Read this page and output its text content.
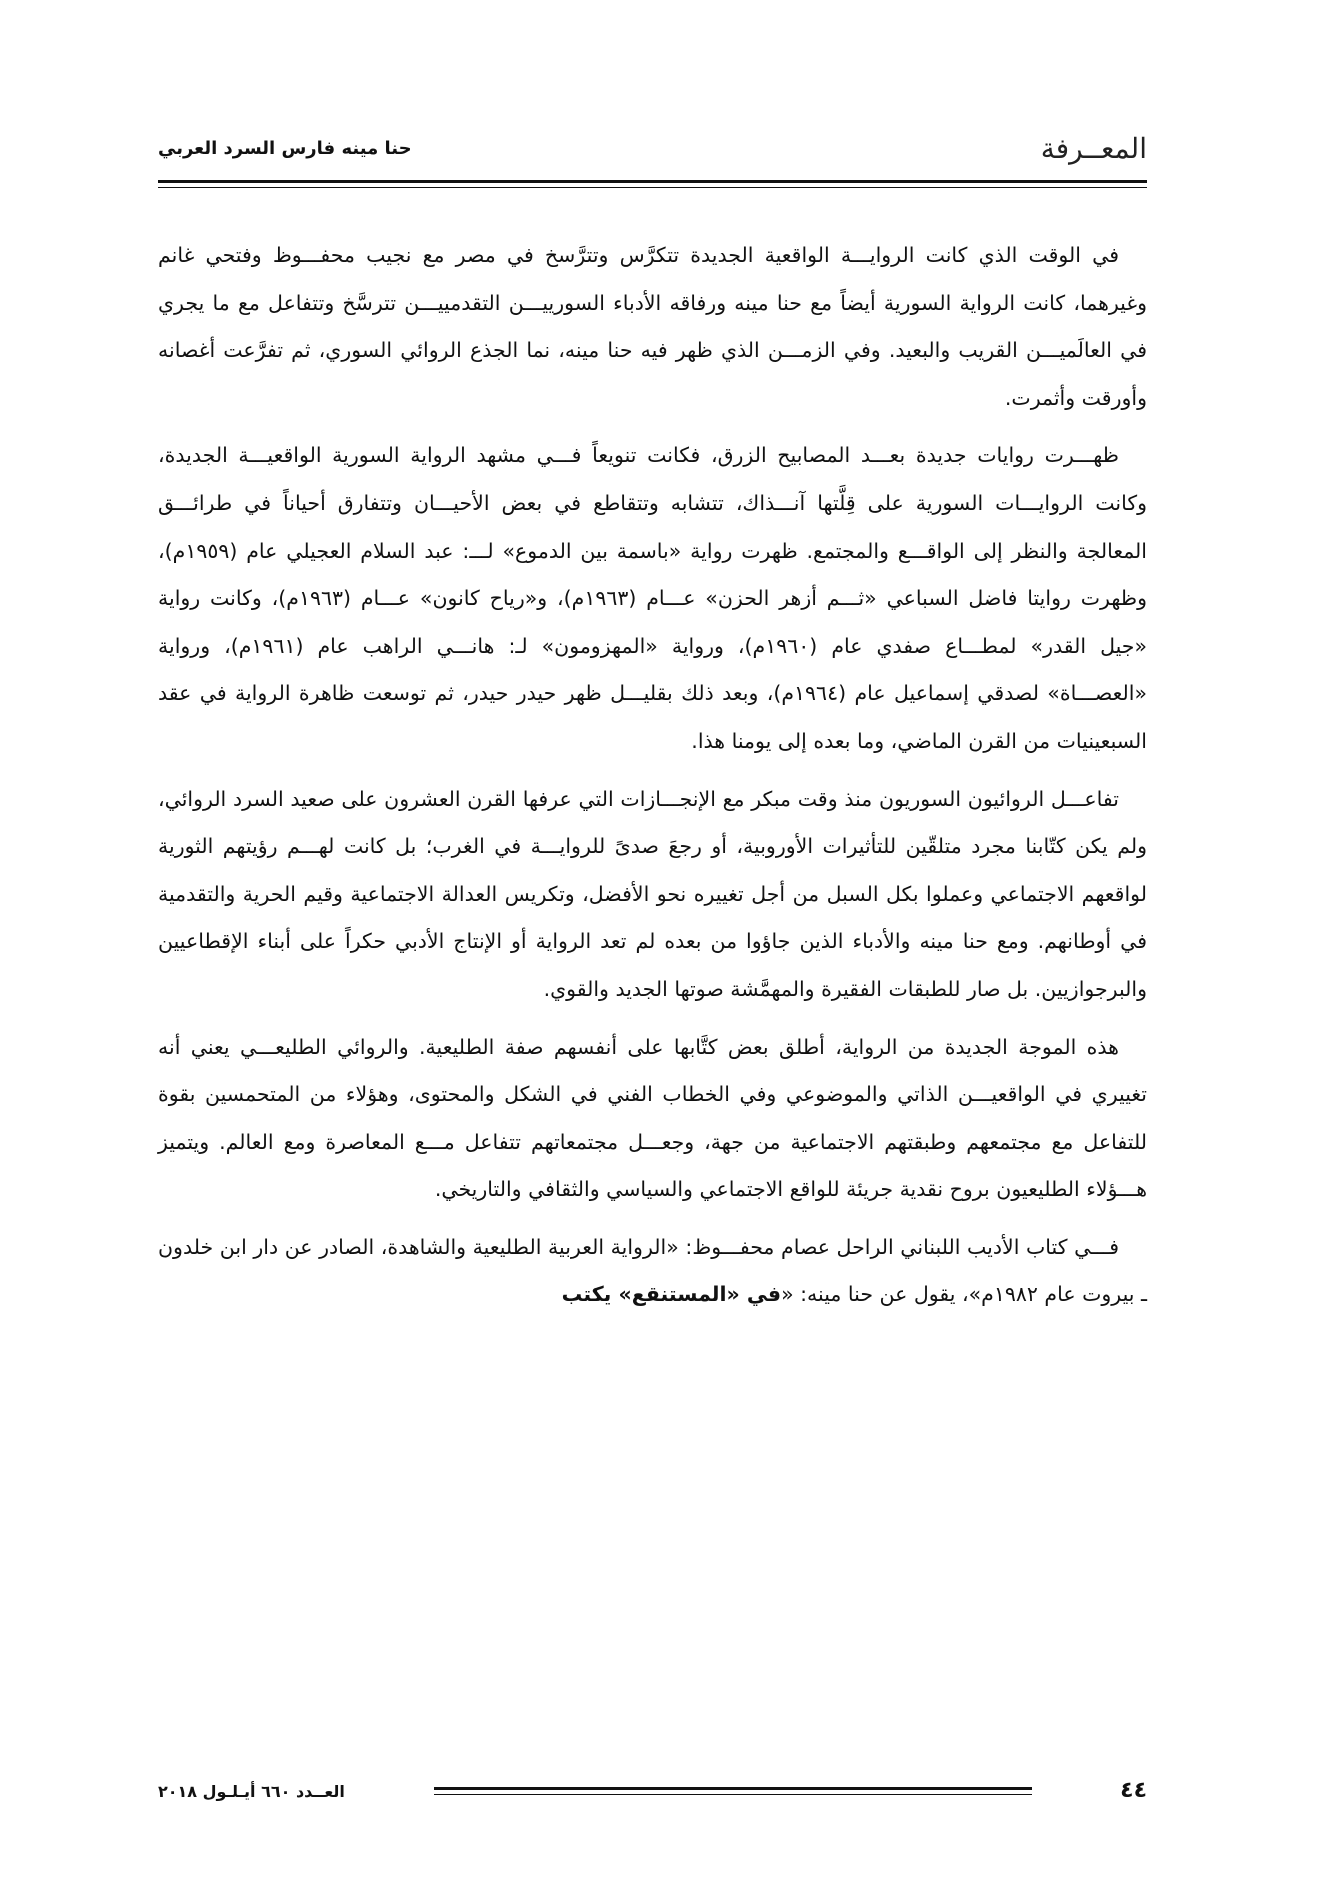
المعــرفة
حنا مينه فارس السرد العربي

في الوقت الذي كانت الروايـــة الواقعية الجديدة تتكرَّس وتترَّسخ في مصر مع نجيب محفـــوظ وفتحي غانم وغيرهما، كانت الرواية السورية أيضاً مع حنا مينه ورفاقه الأدباء السورييـــن التقدمييـــن تترسَّخ وتتفاعل مع ما يجري في العالَميـــن القريب والبعيد. وفي الزمـــن الذي ظهر فيه حنا مينه، نما الجذع الروائي السوري، ثم تفرَّعت أغصانه وأورقت وأثمرت.

ظهـــرت روايات جديدة بعـــد المصابيح الزرق، فكانت تنويعاً فـــي مشهد الرواية السورية الواقعيـــة الجديدة، وكانت الروايـــات السورية على قِلَّتها آنـــذاك، تتشابه وتتقاطع في بعض الأحيـــان وتتفارق أحياناً في طرائـــق المعالجة والنظر إلى الواقـــع والمجتمع. ظهرت رواية «باسمة بين الدموع» لـــ: عبد السلام العجيلي عام (١٩٥٩م)، وظهرت روايتا فاضل السباعي «ثـــم أزهر الحزن» عـــام (١٩٦٣م)، و«رياح كانون» عـــام (١٩٦٣م)، وكانت رواية «جيل القدر» لمطـــاع صفدي عام (١٩٦٠م)، ورواية «المهزومون» لـ: هانـــي الراهب عام (١٩٦١م)، ورواية «العصـــاة» لصدقي إسماعيل عام (١٩٦٤م)، وبعد ذلك بقليـــل ظهر حيدر حيدر، ثم توسعت ظاهرة الرواية في عقد السبعينيات من القرن الماضي، وما بعده إلى يومنا هذا.

تفاعـــل الروائيون السوريون منذ وقت مبكر مع الإنجـــازات التي عرفها القرن العشرون على صعيد السرد الروائي، ولم يكن كتّابنا مجرد متلقّين للتأثيرات الأوروبية، أو رجعَ صدىً للروايـــة في الغرب؛ بل كانت لهـــم رؤيتهم الثورية لواقعهم الاجتماعي وعملوا بكل السبل من أجل تغييره نحو الأفضل، وتكريس العدالة الاجتماعية وقيم الحرية والتقدمية في أوطانهم. ومع حنا مينه والأدباء الذين جاؤوا من بعده لم تعد الرواية أو الإنتاج الأدبي حكراً على أبناء الإقطاعيين والبرجوازيين. بل صار للطبقات الفقيرة والمهمَّشة صوتها الجديد والقوي.

هذه الموجة الجديدة من الرواية، أطلق بعض كتَّابها على أنفسهم صفة الطليعية. والروائي الطليعـــي يعني أنه تغييري في الواقعيـــن الذاتي والموضوعي وفي الخطاب الفني في الشكل والمحتوى، وهؤلاء من المتحمسين بقوة للتفاعل مع مجتمعهم وطبقتهم الاجتماعية من جهة، وجعـــل مجتمعاتهم تتفاعل مـــع المعاصرة ومع العالم. ويتميز هـــؤلاء الطليعيون بروح نقدية جريئة للواقع الاجتماعي والسياسي والثقافي والتاريخي.

فـــي كتاب الأديب اللبناني الراحل عصام محفـــوظ: «الرواية العربية الطليعية والشاهدة، الصادر عن دار ابن خلدون ـ بيروت عام ١٩٨٢م»، يقول عن حنا مينه: «في «المستنقع» يكتب

٤٤
العــدد ٦٦٠ أيـلـول ٢٠١٨
